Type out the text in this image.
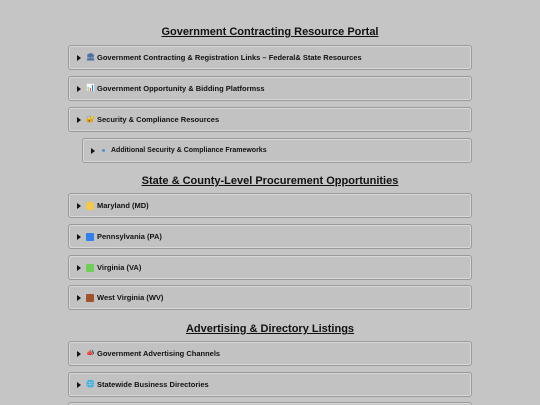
Government Contracting Resource Portal
🏛 Government Contracting & Registration Links – Federal& State Resources
📊 Government Opportunity & Bidding Platformss
🔐 Security & Compliance Resources
Additional Security & Compliance Frameworks
State & County-Level Procurement Opportunities
Maryland (MD)
Pennsylvania (PA)
Virginia (VA)
West Virginia (WV)
Advertising & Directory Listings
📣 Government Advertising Channels
🌐 Statewide Business Directories
